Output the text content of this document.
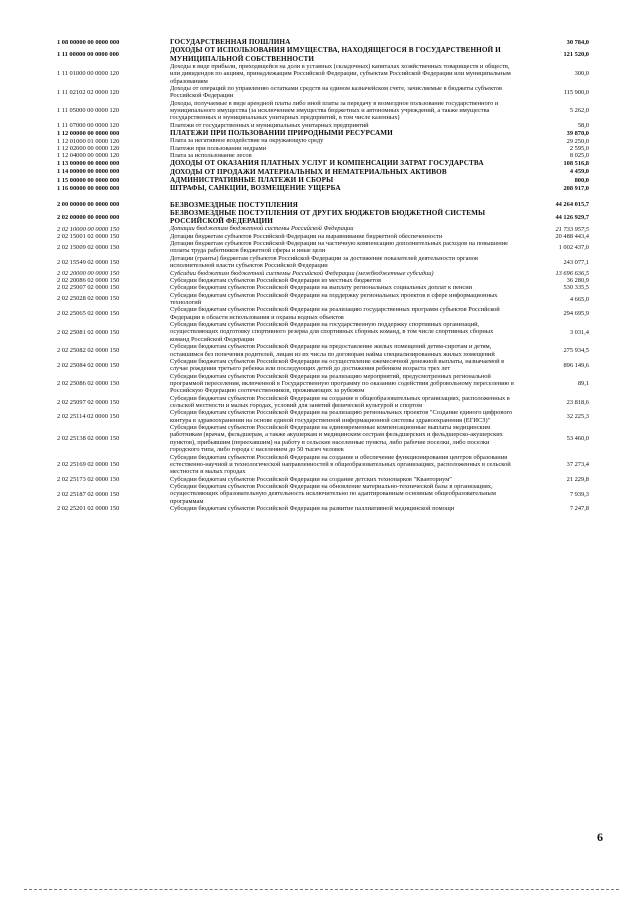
1 08 00000 00 0000 000	ГОСУДАРСТВЕННАЯ ПОШЛИНА	30 784,0
1 11 00000 00 0000 000	ДОХОДЫ ОТ ИСПОЛЬЗОВАНИЯ ИМУЩЕСТВА, НАХОДЯЩЕГОСЯ В ГОСУДАРСТВЕННОЙ И МУНИЦИПАЛЬНОЙ СОБСТВЕННОСТИ	121 520,0
1 11 01000 00 0000 120	Доходы в виде прибыли, приходящейся на доли в уставных (складочных) капиталах хозяйственных товариществ и обществ, или дивидендов по акциям, принадлежащим Российской Федерации, субъектам Российской Федерации или муниципальным образованиям	300,0
1 11 02102 02 0000 120	Доходы от операций по управлению остатками средств на едином казначейском счете, зачисляемые в бюджеты субъектов Российской Федерации	115 900,0
1 11 05000 00 0000 120	Доходы, получаемые в виде арендной платы либо иной платы за передачу в возмездное пользование государственного и муниципального имущества (за исключением имущества бюджетных и автономных учреждений, а также имущества государственных и муниципальных унитарных предприятий, в том числе казенных)	5 262,0
1 11 07000 00 0000 120	Платежи от государственных и муниципальных унитарных предприятий	58,0
1 12 00000 00 0000 000	ПЛАТЕЖИ ПРИ ПОЛЬЗОВАНИИ ПРИРОДНЫМИ РЕСУРСАМИ	39 870,0
1 12 01000 01 0000 120	Плата за негативное воздействие на окружающую среду	29 250,0
1 12 02000 00 0000 120	Платежи при пользовании недрами	2 595,0
1 12 04000 00 0000 120	Плата за использование лесов	8 025,0
1 13 00000 00 0000 000	ДОХОДЫ ОТ ОКАЗАНИЯ ПЛАТНЫХ УСЛУГ И КОМПЕНСАЦИИ ЗАТРАТ ГОСУДАРСТВА	108 516,8
1 14 00000 00 0000 000	ДОХОДЫ ОТ ПРОДАЖИ МАТЕРИАЛЬНЫХ И НЕМАТЕРИАЛЬНЫХ АКТИВОВ	4 459,0
1 15 00000 00 0000 000	АДМИНИСТРАТИВНЫЕ ПЛАТЕЖИ И СБОРЫ	800,0
1 16 00000 00 0000 000	ШТРАФЫ, САНКЦИИ, ВОЗМЕЩЕНИЕ УЩЕРБА	208 917,0
2 00 00000 00 0000 000	БЕЗВОЗМЕЗДНЫЕ ПОСТУПЛЕНИЯ	44 264 015,7
2 02 00000 00 0000 000	БЕЗВОЗМЕЗДНЫЕ ПОСТУПЛЕНИЯ ОТ ДРУГИХ БЮДЖЕТОВ БЮДЖЕТНОЙ СИСТЕМЫ РОССИЙСКОЙ ФЕДЕРАЦИИ	44 126 929,7
2 02 10000 00 0000 150	Дотации бюджетам бюджетной системы Российской Федерации	21 733 957,5
2 02 15001 02 0000 150	Дотации бюджетам субъектов Российской Федерации на выравнивание бюджетной обеспеченности	20 488 443,4
2 02 15009 02 0000 150	Дотации бюджетам субъектов Российской Федерации на частичную компенсацию дополнительных расходов на повышение оплаты труда работников бюджетной сферы и иные цели	1 002 437,0
2 02 15549 02 0000 150	Дотации (гранты) бюджетам субъектов Российской Федерации за достижение показателей деятельности органов исполнительной власти субъектов Российской Федерации	243 077,1
2 02 20000 00 0000 150	Субсидии бюджетам бюджетной системы Российской Федерации (межбюджетные субсидии)	13 696 636,5
2 02 20086 02 0000 150	Субсидии бюджетам субъектов Российской Федерации из местных бюджетов	36 280,9
2 02 25007 02 0000 150	Субсидии бюджетам субъектов Российской Федерации на выплату региональных социальных доплат к пенсии	530 335,5
2 02 25028 02 0000 150	Субсидии бюджетам субъектов Российской Федерации на поддержку региональных проектов в сфере информационных технологий	4 665,0
2 02 25065 02 0000 150	Субсидии бюджетам субъектов Российской Федерации на реализацию государственных программ субъектов Российской Федерации в области использования и охраны водных объектов	294 695,9
2 02 25081 02 0000 150	Субсидии бюджетам субъектов Российской Федерации на государственную поддержку спортивных организаций, осуществляющих подготовку спортивного резерва для спортивных сборных команд, в том числе спортивных сборных команд Российской Федерации	3 031,4
2 02 25082 02 0000 150	Субсидии бюджетам субъектов Российской Федерации на предоставление жилых помещений детям-сиротам и детям, оставшимся без попечения родителей, лицам из их числа по договорам найма специализированных жилых помещений	275 934,5
2 02 25084 02 0000 150	Субсидии бюджетам субъектов Российской Федерации на осуществление ежемесячной денежной выплаты, назначаемой в случае рождения третьего ребенка или последующих детей до достижения ребенком возраста трех лет	896 149,6
2 02 25086 02 0000 150	Субсидии бюджетам субъектов Российской Федерации на реализацию мероприятий, предусмотренных региональной программой переселения, включенной в Государственную программу по оказанию содействия добровольному переселению в Российскую Федерацию соотечественников, проживающих за рубежом	89,1
2 02 25097 02 0000 150	Субсидии бюджетам субъектов Российской Федерации на создание в общеобразовательных организациях, расположенных в сельской местности и малых городах, условий для занятий физической культурой и спортом	23 818,6
2 02 25114 02 0000 150	Субсидии бюджетам субъектов Российской Федерации на реализацию региональных проектов "Создание единого цифрового контура в здравоохранении на основе единой государственной информационной системы здравоохранения (ЕГИСЗ)"	32 225,3
2 02 25138 02 0000 150	Субсидии бюджетам субъектов Российской Федерации на единовременные компенсационные выплаты медицинским работникам (врачам, фельдшерам, а также акушеркам и медицинским сестрам фельдшерских и фельдшерско-акушерских пунктов), прибывшим (переехавшим) на работу в сельские населенные пункты, либо рабочие поселки, либо поселки городского типа, либо города с населением до 50 тысяч человек	53 460,0
2 02 25169 02 0000 150	Субсидии бюджетам субъектов Российской Федерации на создание и обеспечение функционирования центров образования естественно-научной и технологической направленностей в общеобразовательных организациях, расположенных в сельской местности и малых городах	37 273,4
2 02 25173 02 0000 150	Субсидии бюджетам субъектов Российской Федерации на создание детских технопарков "Кванториум"	21 229,8
2 02 25187 02 0000 150	Субсидии бюджетам субъектов Российской Федерации на обновление материально-технической базы в организациях, осуществляющих образовательную деятельность исключительно по адаптированным основным общеобразовательным программам	7 939,3
2 02 25201 02 0000 150	Субсидии бюджетам субъектов Российской Федерации на развитие паллиативной медицинской помощи	7 247,8
6
